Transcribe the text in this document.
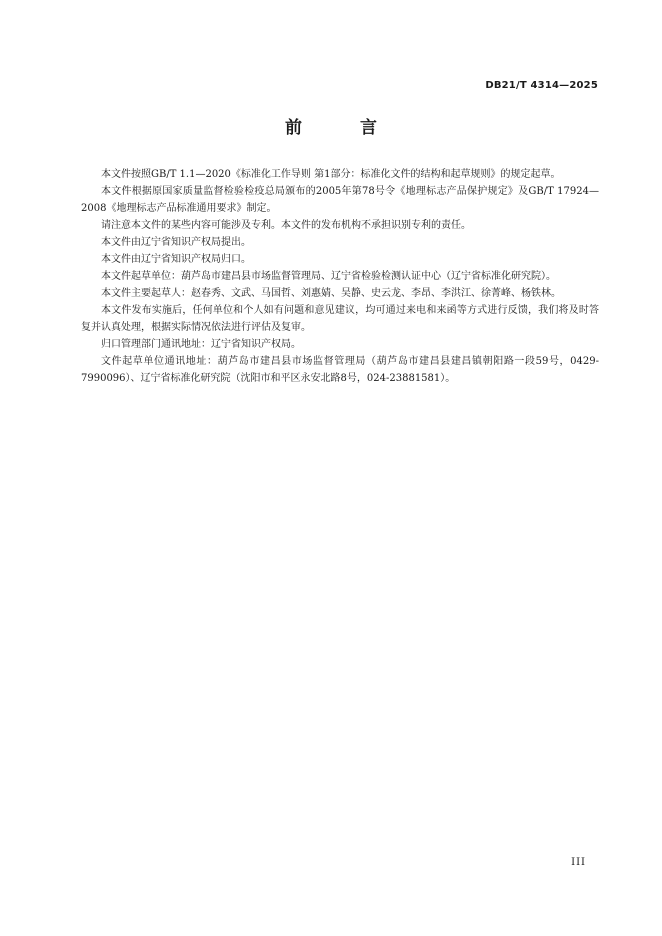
DB21/T 4314—2025
前 言

本文件按照GB/T 1.1—2020《标准化工作导则 第1部分：标准化文件的结构和起草规则》的规定起草。

本文件根据原国家质量监督检验检疫总局颁布的2005年第78号令《地理标志产品保护规定》及GB/T 17924—2008《地理标志产品标准通用要求》制定。

请注意本文件的某些内容可能涉及专利。本文件的发布机构不承担识别专利的责任。

本文件由辽宁省知识产权局提出。

本文件由辽宁省知识产权局归口。

本文件起草单位：葫芦岛市建昌县市场监督管理局、辽宁省检验检测认证中心（辽宁省标准化研究院）。

本文件主要起草人：赵春秀、文武、马国哲、刘惠婧、吴静、史云龙、李昂、李洪江、徐菁峰、杨铁林。

本文件发布实施后，任何单位和个人如有问题和意见建议，均可通过来电和来函等方式进行反馈，我们将及时答复并认真处理，根据实际情况依法进行评估及复审。

归口管理部门通讯地址：辽宁省知识产权局。

文件起草单位通讯地址：葫芦岛市建昌县市场监督管理局（葫芦岛市建昌县建昌镇朝阳路一段59号，0429-7990096）、辽宁省标准化研究院（沈阳市和平区永安北路8号，024-23881581）。

III
